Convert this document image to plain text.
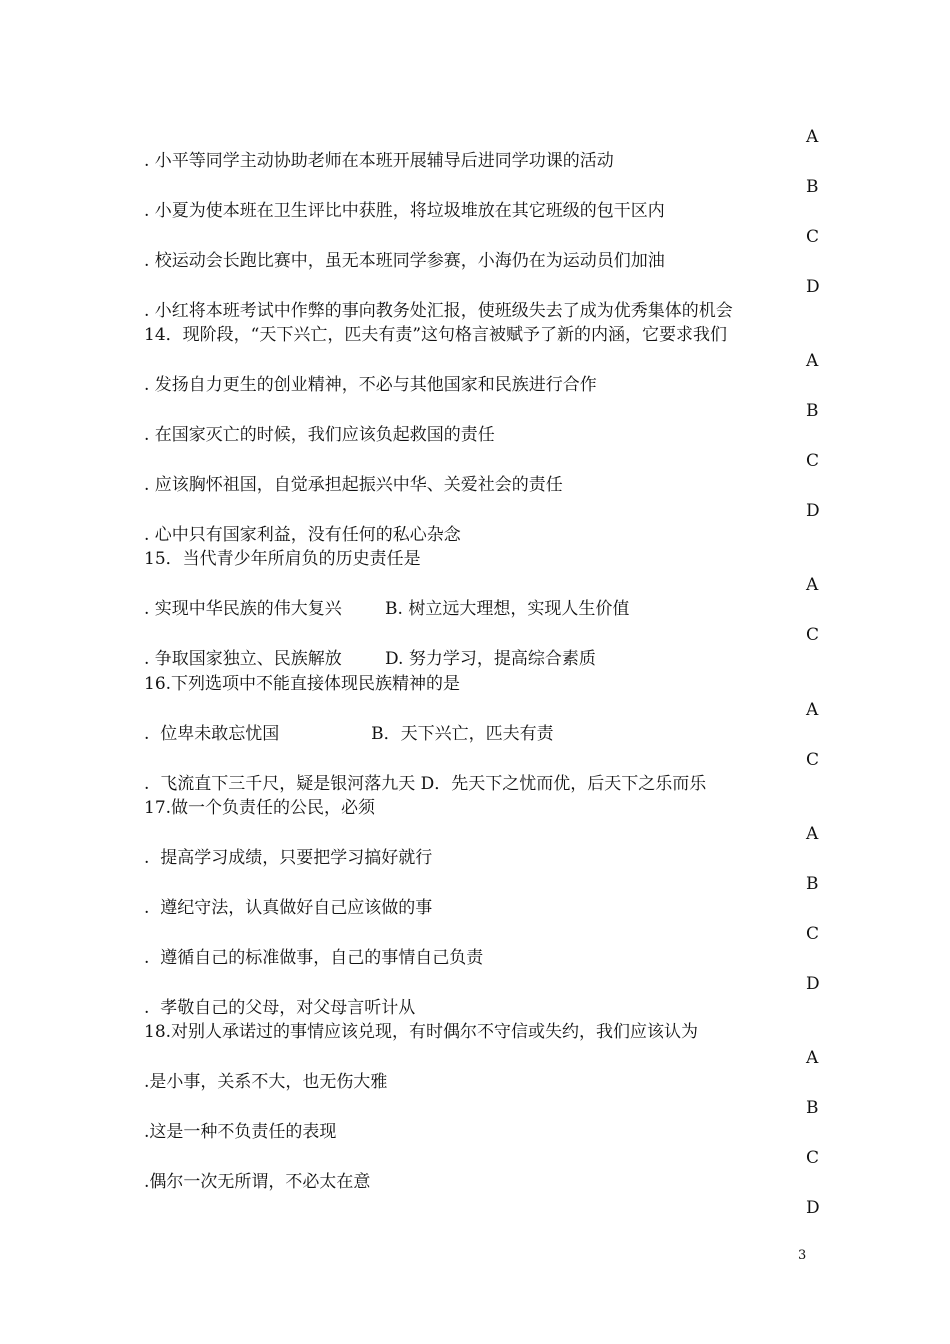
A
. 小平等同学主动协助老师在本班开展辅导后进同学功课的活动
B
. 小夏为使本班在卫生评比中获胜，将垃圾堆放在其它班级的包干区内
C
. 校运动会长跑比赛中，虽无本班同学参赛，小海仍在为运动员们加油
D
. 小红将本班考试中作弊的事向教务处汇报，使班级失去了成为优秀集体的机会
14．现阶段，“天下兴亡，匹夫有责”这句格言被赋予了新的内涵，它要求我们
A
. 发扬自力更生的创业精神，不必与其他国家和民族进行合作
B
. 在国家灭亡的时候，我们应该负起救国的责任
C
. 应该胸怀祖国，自觉承担起振兴中华、关爱社会的责任
D
. 心中只有国家利益，没有任何的私心杂念
15．当代青少年所肩负的历史责任是
A
. 实现中华民族的伟大复兴        B. 树立远大理想，实现人生价值
C
. 争取国家独立、民族解放        D. 努力学习，提高综合素质
16.下列选项中不能直接体现民族精神的是
A
.  位卑未敢忘忧国                 B．天下兴亡，匹夫有责
C
.  飞流直下三千尺，疑是银河落九天 D．先天下之忧而优，后天下之乐而乐
17.做一个负责任的公民，必须
A
.  提高学习成绩，只要把学习搞好就行
B
.  遵纪守法，认真做好自己应该做的事
C
.  遵循自己的标准做事，自己的事情自己负责
D
.  孝敬自己的父母，对父母言听计从
18.对别人承诺过的事情应该兑现，有时偶尔不守信或失约，我们应该认为
A
.是小事，关系不大，也无伤大雅
B
.这是一种不负责任的表现
C
.偶尔一次无所谓，不必太在意
D
3
